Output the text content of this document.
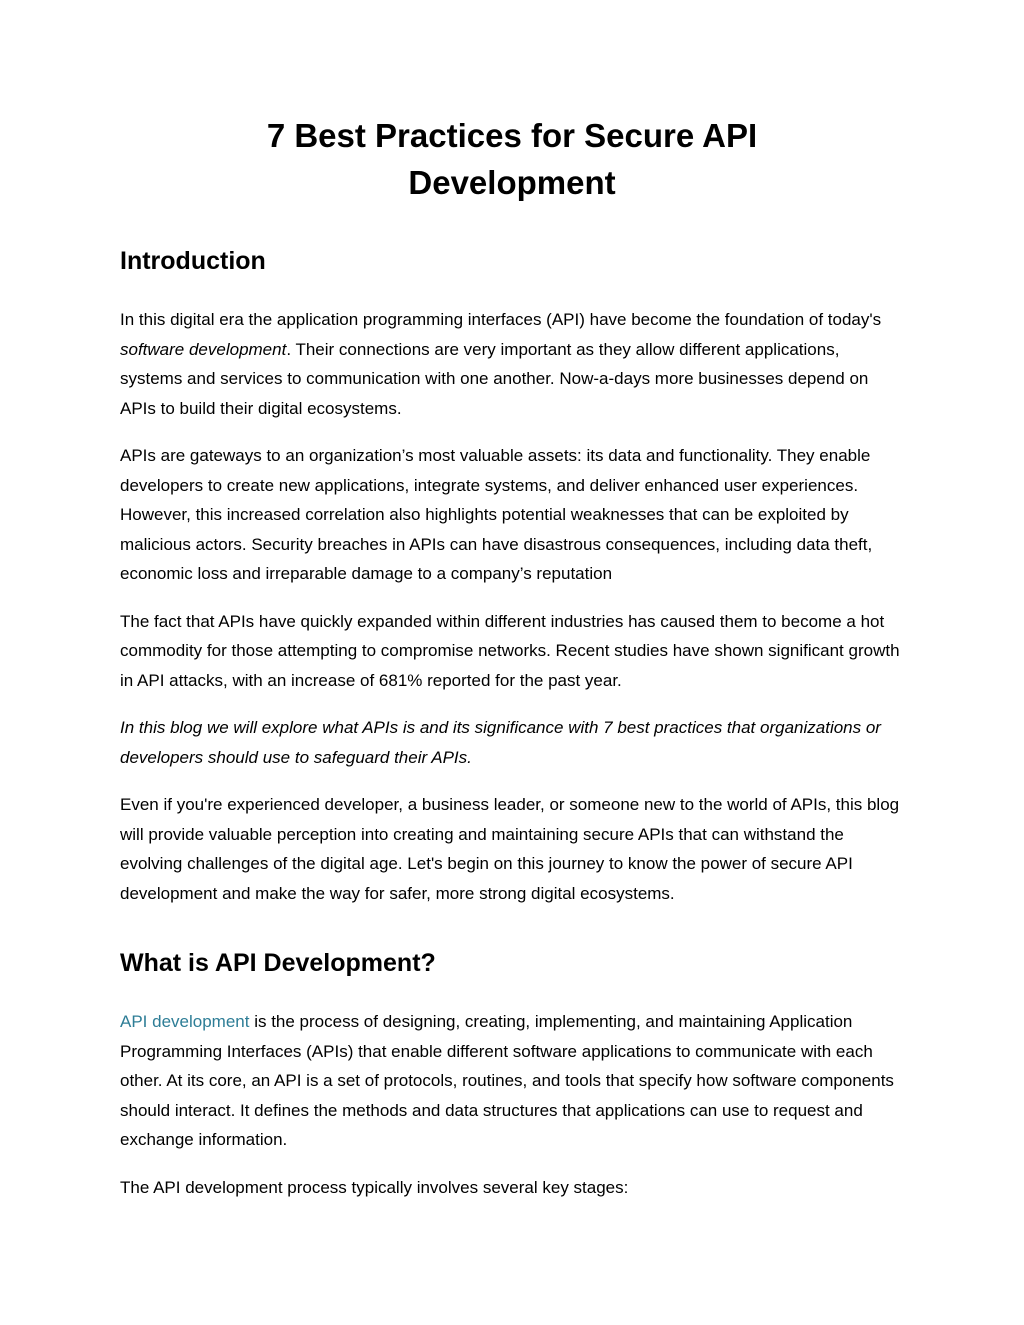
7 Best Practices for Secure API
Development
Introduction

In this digital era the application programming interfaces (API) have become the foundation of today's software development. Their connections are very important as they allow different applications, systems and services to communication with one another. Now-a-days more businesses depend on APIs to build their digital ecosystems.

APIs are gateways to an organization’s most valuable assets: its data and functionality. They enable developers to create new applications, integrate systems, and deliver enhanced user experiences. However, this increased correlation also highlights potential weaknesses that can be exploited by malicious actors. Security breaches in APIs can have disastrous consequences, including data theft, economic loss and irreparable damage to a company’s reputation

The fact that APIs have quickly expanded within different industries has caused them to become a hot commodity for those attempting to compromise networks. Recent studies have shown significant growth in API attacks, with an increase of 681% reported for the past year.

In this blog we will explore what APIs is and its significance with 7 best practices that organizations or developers should use to safeguard their APIs.

Even if you're experienced developer, a business leader, or someone new to the world of APIs, this blog will provide valuable perception into creating and maintaining secure APIs that can withstand the evolving challenges of the digital age. Let's begin on this journey to know the power of secure API development and make the way for safer, more strong digital ecosystems.

What is API Development?

API development is the process of designing, creating, implementing, and maintaining Application Programming Interfaces (APIs) that enable different software applications to communicate with each other. At its core, an API is a set of protocols, routines, and tools that specify how software components should interact. It defines the methods and data structures that applications can use to request and exchange information.

The API development process typically involves several key stages:
